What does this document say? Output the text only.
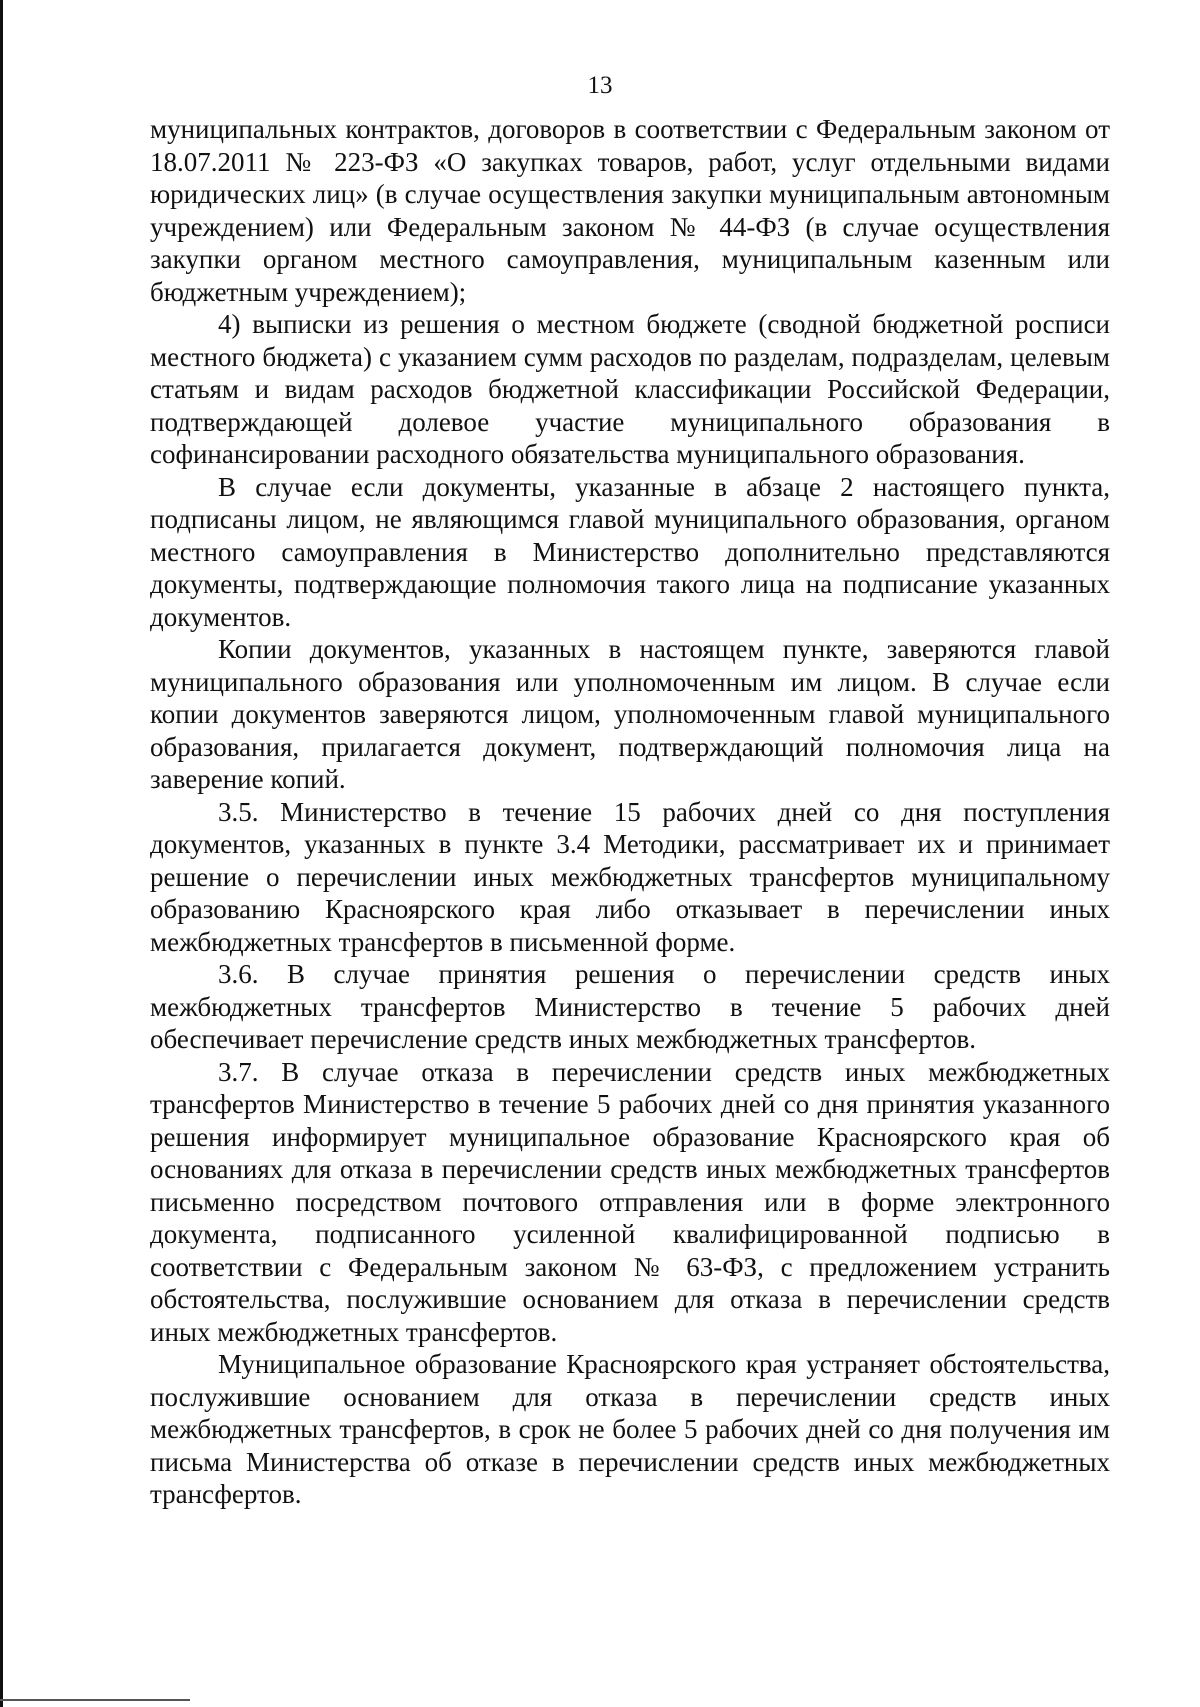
13

муниципальных контрактов, договоров в соответствии с Федеральным законом от 18.07.2011 № 223-ФЗ «О закупках товаров, работ, услуг отдельными видами юридических лиц» (в случае осуществления закупки муниципальным автономным учреждением) или Федеральным законом № 44-ФЗ (в случае осуществления закупки органом местного самоуправления, муниципальным казенным или бюджетным учреждением);

4) выписки из решения о местном бюджете (сводной бюджетной росписи местного бюджета) с указанием сумм расходов по разделам, подразделам, целевым статьям и видам расходов бюджетной классификации Российской Федерации, подтверждающей долевое участие муниципального образования в софинансировании расходного обязательства муниципального образования.

В случае если документы, указанные в абзаце 2 настоящего пункта, подписаны лицом, не являющимся главой муниципального образования, органом местного самоуправления в Министерство дополнительно представляются документы, подтверждающие полномочия такого лица на подписание указанных документов.

Копии документов, указанных в настоящем пункте, заверяются главой муниципального образования или уполномоченным им лицом. В случае если копии документов заверяются лицом, уполномоченным главой муниципального образования, прилагается документ, подтверждающий полномочия лица на заверение копий.

3.5. Министерство в течение 15 рабочих дней со дня поступления документов, указанных в пункте 3.4 Методики, рассматривает их и принимает решение о перечислении иных межбюджетных трансфертов муниципальному образованию Красноярского края либо отказывает в перечислении иных межбюджетных трансфертов в письменной форме.

3.6. В случае принятия решения о перечислении средств иных межбюджетных трансфертов Министерство в течение 5 рабочих дней обеспечивает перечисление средств иных межбюджетных трансфертов.

3.7. В случае отказа в перечислении средств иных межбюджетных трансфертов Министерство в течение 5 рабочих дней со дня принятия указанного решения информирует муниципальное образование Красноярского края об основаниях для отказа в перечислении средств иных межбюджетных трансфертов письменно посредством почтового отправления или в форме электронного документа, подписанного усиленной квалифицированной подписью в соответствии с Федеральным законом № 63-ФЗ, с предложением устранить обстоятельства, послужившие основанием для отказа в перечислении средств иных межбюджетных трансфертов.

Муниципальное образование Красноярского края устраняет обстоятельства, послужившие основанием для отказа в перечислении средств иных межбюджетных трансфертов, в срок не более 5 рабочих дней со дня получения им письма Министерства об отказе в перечислении средств иных межбюджетных трансфертов.
